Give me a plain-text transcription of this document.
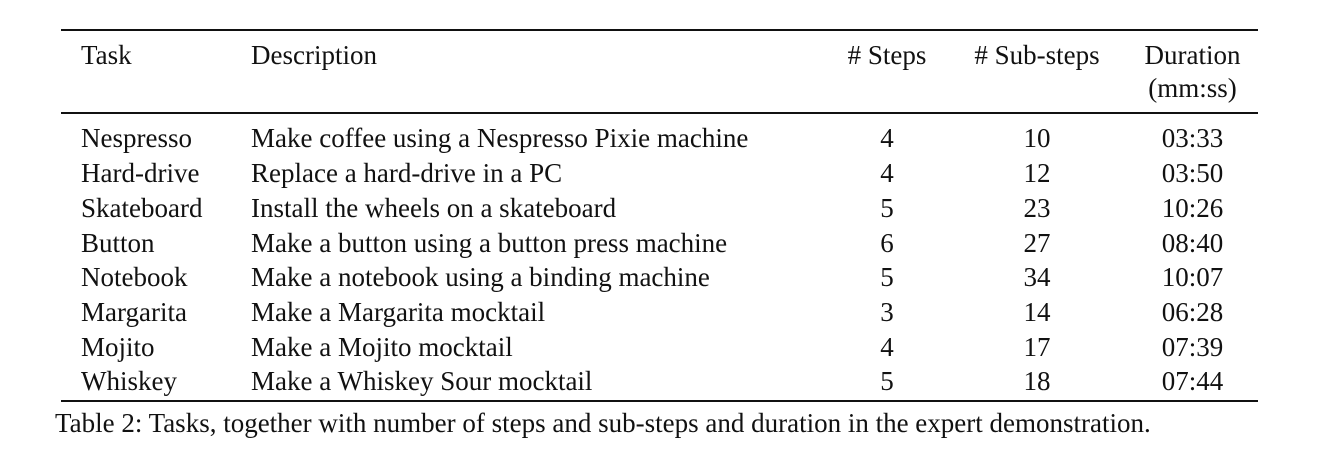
Task	Description	# Steps	# Sub-steps	Duration
(mm:ss)

Nespresso	Make coffee using a Nespresso Pixie machine	4	10	03:33
Hard-drive	Replace a hard-drive in a PC	4	12	03:50
Skateboard	Install the wheels on a skateboard	5	23	10:26
Button	Make a button using a button press machine	6	27	08:40
Notebook	Make a notebook using a binding machine	5	34	10:07
Margarita	Make a Margarita mocktail	3	14	06:28
Mojito	Make a Mojito mocktail	4	17	07:39
Whiskey	Make a Whiskey Sour mocktail	5	18	07:44
Table 2: Tasks, together with number of steps and sub-steps and duration in the expert demonstration.
